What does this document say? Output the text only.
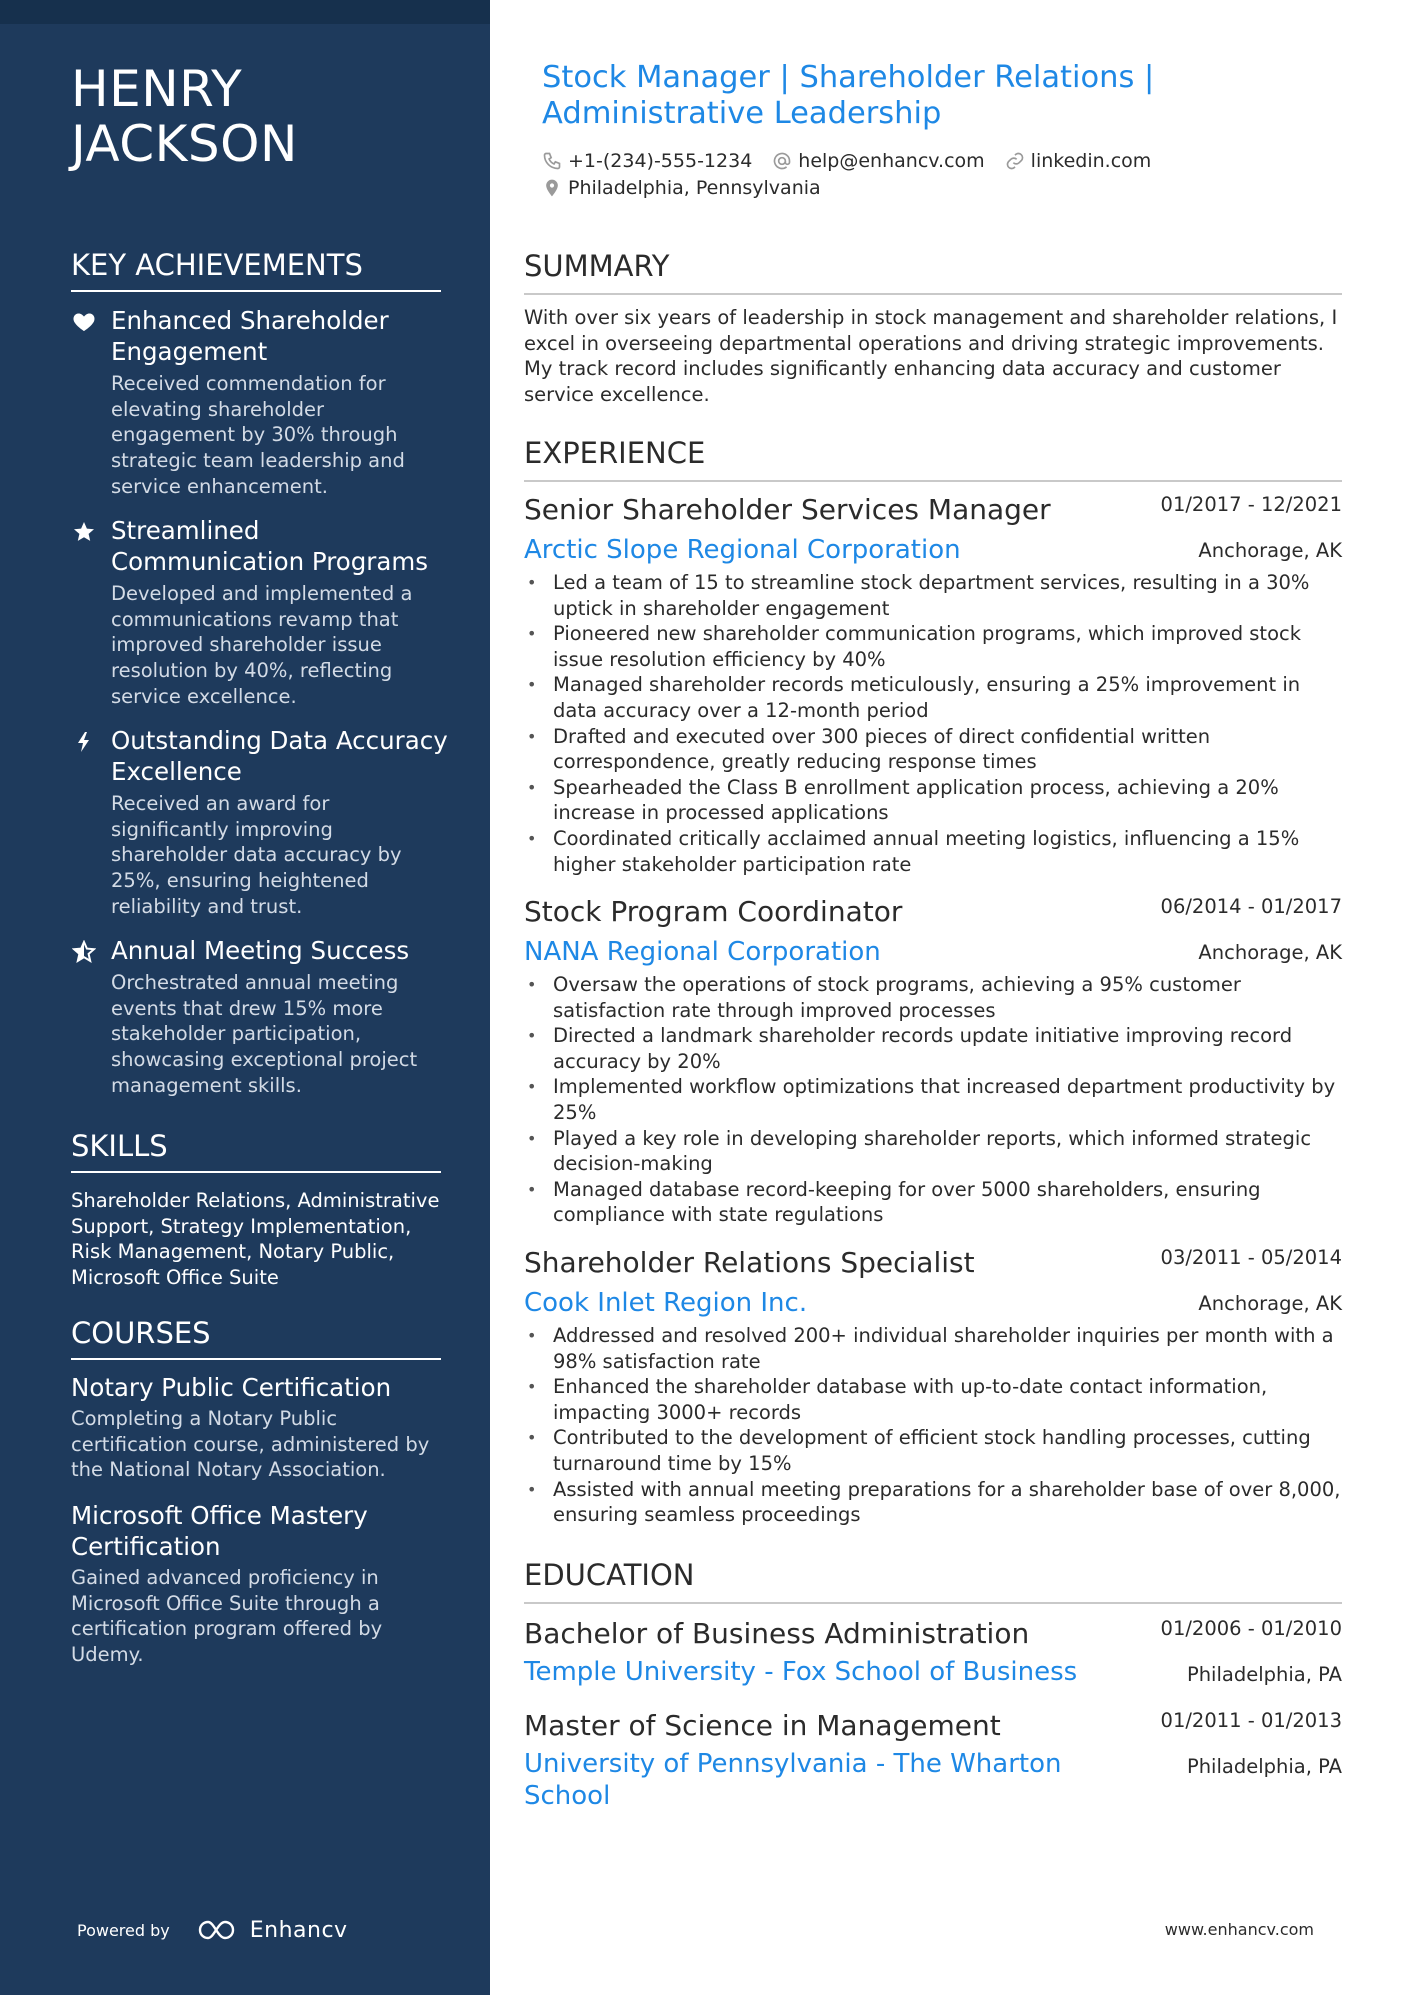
HENRY JACKSON
KEY ACHIEVEMENTS
Enhanced Shareholder Engagement
Received commendation for elevating shareholder engagement by 30% through strategic team leadership and service enhancement.
Streamlined Communication Programs
Developed and implemented a communications revamp that improved shareholder issue resolution by 40%, reflecting service excellence.
Outstanding Data Accuracy Excellence
Received an award for significantly improving shareholder data accuracy by 25%, ensuring heightened reliability and trust.
Annual Meeting Success
Orchestrated annual meeting events that drew 15% more stakeholder participation, showcasing exceptional project management skills.
SKILLS
Shareholder Relations, Administrative Support, Strategy Implementation, Risk Management, Notary Public, Microsoft Office Suite
COURSES
Notary Public Certification
Completing a Notary Public certification course, administered by the National Notary Association.
Microsoft Office Mastery Certification
Gained advanced proficiency in Microsoft Office Suite through a certification program offered by Udemy.
Powered by	Enhancv
Stock Manager | Shareholder Relations | Administrative Leadership
+1-(234)-555-1234 help@enhancv.com linkedin.com
Philadelphia, Pennsylvania
SUMMARY
With over six years of leadership in stock management and shareholder relations, I excel in overseeing departmental operations and driving strategic improvements. My track record includes significantly enhancing data accuracy and customer service excellence.
EXPERIENCE
Senior Shareholder Services Manager	01/2017 - 12/2021
Arctic Slope Regional Corporation	Anchorage, AK
• Led a team of 15 to streamline stock department services, resulting in a 30% uptick in shareholder engagement
• Pioneered new shareholder communication programs, which improved stock issue resolution efficiency by 40%
• Managed shareholder records meticulously, ensuring a 25% improvement in data accuracy over a 12-month period
• Drafted and executed over 300 pieces of direct confidential written correspondence, greatly reducing response times
• Spearheaded the Class B enrollment application process, achieving a 20% increase in processed applications
• Coordinated critically acclaimed annual meeting logistics, influencing a 15% higher stakeholder participation rate
Stock Program Coordinator	06/2014 - 01/2017
NANA Regional Corporation	Anchorage, AK
• Oversaw the operations of stock programs, achieving a 95% customer satisfaction rate through improved processes
• Directed a landmark shareholder records update initiative improving record accuracy by 20%
• Implemented workflow optimizations that increased department productivity by 25%
• Played a key role in developing shareholder reports, which informed strategic decision-making
• Managed database record-keeping for over 5000 shareholders, ensuring compliance with state regulations
Shareholder Relations Specialist	03/2011 - 05/2014
Cook Inlet Region Inc.	Anchorage, AK
• Addressed and resolved 200+ individual shareholder inquiries per month with a 98% satisfaction rate
• Enhanced the shareholder database with up-to-date contact information, impacting 3000+ records
• Contributed to the development of efficient stock handling processes, cutting turnaround time by 15%
• Assisted with annual meeting preparations for a shareholder base of over 8,000, ensuring seamless proceedings
EDUCATION
Bachelor of Business Administration	01/2006 - 01/2010
Temple University - Fox School of Business	Philadelphia, PA
Master of Science in Management	01/2011 - 01/2013
University of Pennsylvania - The Wharton School
Philadelphia, PA
www.enhancv.com
